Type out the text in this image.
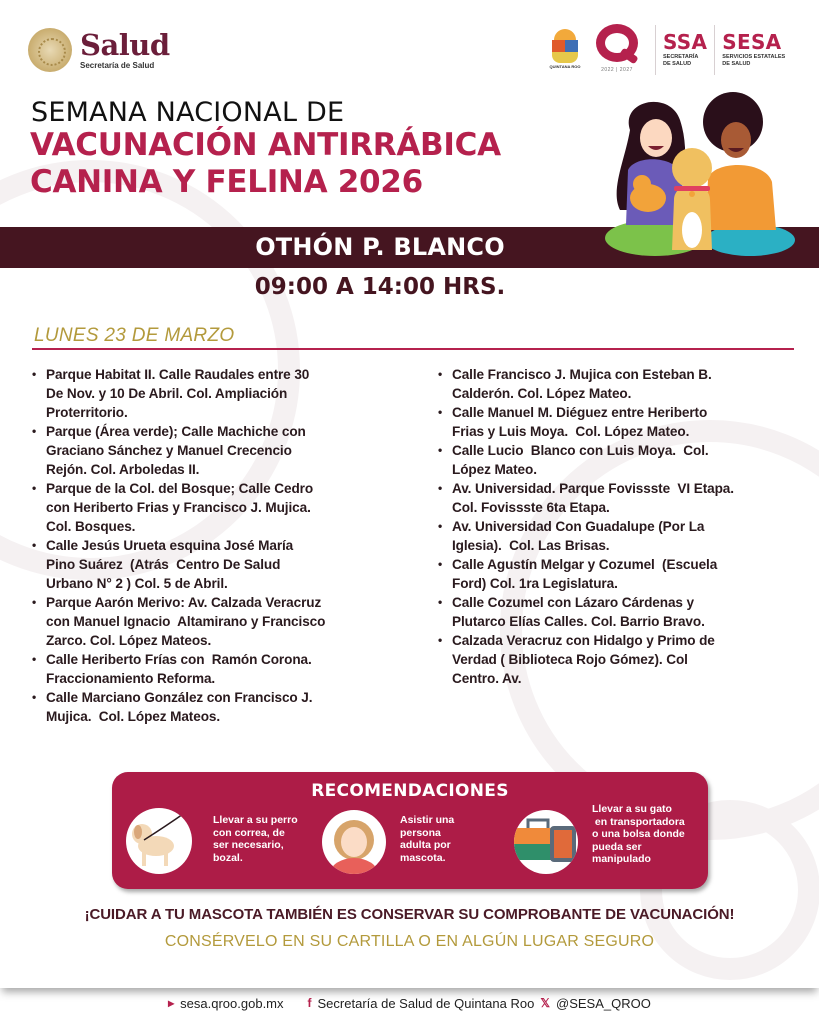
Salud
Secretaría de Salud	QUINTANA ROO
2022 | 2027
SSA
SECRETARÍA
DE SALUD
SESA
SERVICIOS ESTATALES
DE SALUD
SEMANA NACIONAL DE
VACUNACIÓN ANTIRRÁBICA
CANINA Y FELINA 2026
OTHÓN P. BLANCO
09:00 A 14:00 HRS.
LUNES 23 DE MARZO
• Parque Habitat II. Calle Raudales entre 30
De Nov. y 10 De Abril. Col. Ampliación
Proterritorio.
• Parque (Área verde); Calle Machiche con
Graciano Sánchez y Manuel Crecencio
Rejón. Col. Arboledas II.
• Parque de la Col. del Bosque; Calle Cedro
con Heriberto Frias y Francisco J. Mujica.
Col. Bosques.
• Calle Jesús Urueta esquina José María
Pino Suárez  (Atrás  Centro De Salud
Urbano N° 2 ) Col. 5 de Abril.
• Parque Aarón Merivo: Av. Calzada Veracruz
con Manuel Ignacio  Altamirano y Francisco
Zarco. Col. López Mateos.
• Calle Heriberto Frías con  Ramón Corona.
Fraccionamiento Reforma.
• Calle Marciano González con Francisco J.
Mujica.  Col. López Mateos.
• Calle Francisco J. Mujica con Esteban B.
Calderón. Col. López Mateo.
• Calle Manuel M. Diéguez entre Heriberto
Frias y Luis Moya.  Col. López Mateo.
• Calle Lucio  Blanco con Luis Moya.  Col.
López Mateo.
• Av. Universidad. Parque Fovissste  VI Etapa.
Col. Fovissste 6ta Etapa.
• Av. Universidad Con Guadalupe (Por La
Iglesia).  Col. Las Brisas.
• Calle Agustín Melgar y Cozumel  (Escuela
Ford) Col. 1ra Legislatura.
• Calle Cozumel con Lázaro Cárdenas y
Plutarco Elías Calles. Col. Barrio Bravo.
• Calzada Veracruz con Hidalgo y Primo de
Verdad ( Biblioteca Rojo Gómez). Col
Centro. Av.
RECOMENDACIONES
Llevar a su perro
con correa, de
ser necesario,
bozal.
Asistir una
persona
adulta por
mascota.
Llevar a su gato
en transportadora
o una bolsa donde
pueda ser
manipulado
¡CUIDAR A TU MASCOTA TAMBIÉN ES CONSERVAR SU COMPROBANTE DE VACUNACIÓN!
CONSÉRVELO EN SU CARTILLA O EN ALGÚN LUGAR SEGURO
▸ sesa.qroo.gob.mx f Secretaría de Salud de Quintana Roo 𝕏 @SESA_QROO
